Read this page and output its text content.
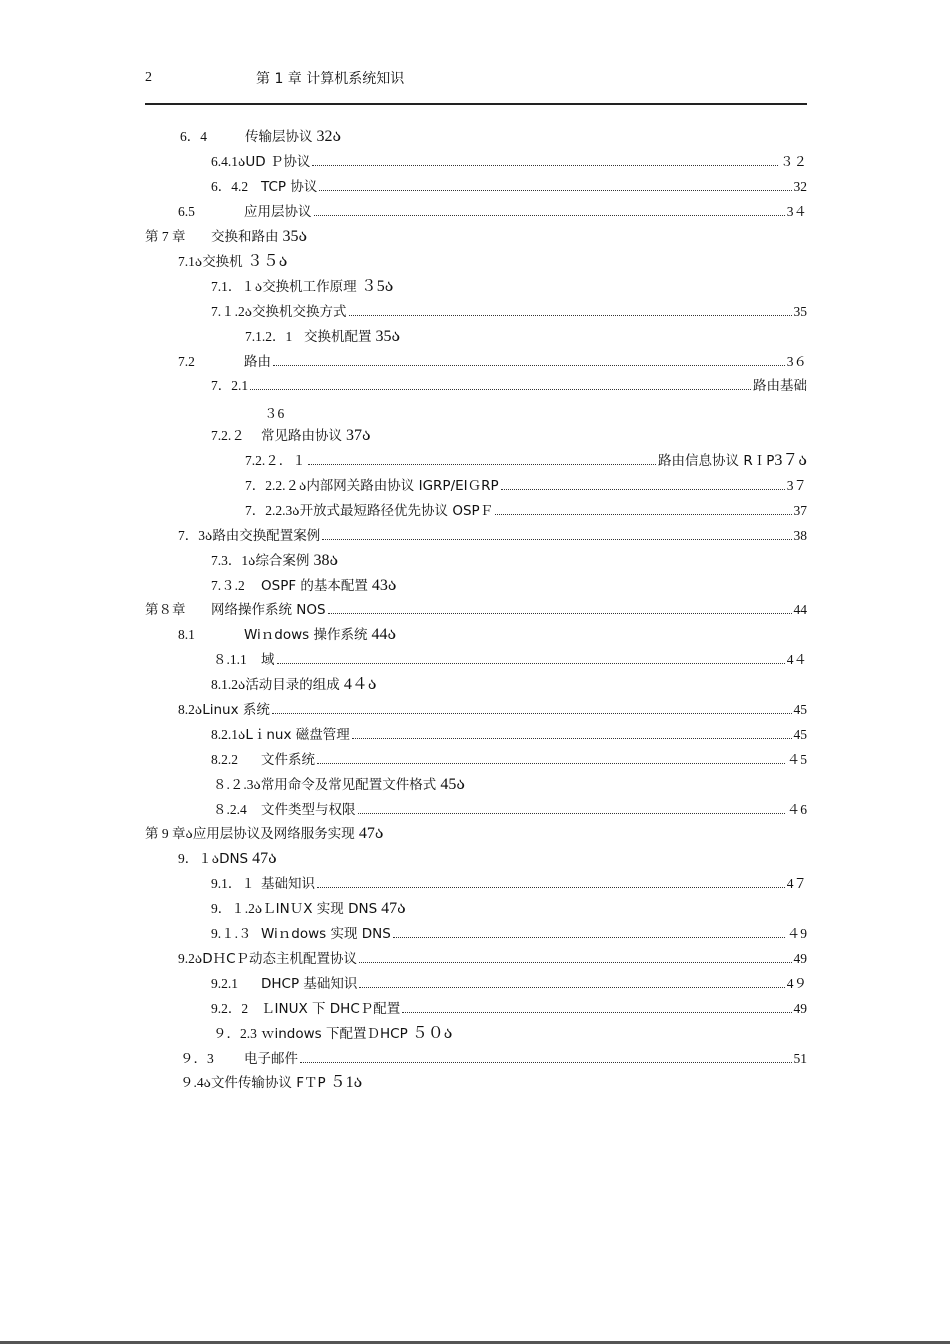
2	第 1 章 计算机系统知识
6．4	传输层协议 32ა
6.4.1ა UD Ｐ协议	３２
6．4.2 TCP 协议	32
6.5	应用层协议	3４
第 7 章	交换和路由 35ა
7.1ა 交换机 ３５ა
7.1．１ა 交换机工作原理 ３5ა
7.１.2ა 交换机交换方式	35
7.1.2．1 交换机配置 35ა
7.2	路由	3６
7．2.1	路由基础
３6
7.2.２	常见路由协议 37ა
7.2.２．１	路由信息协议 RＩP 3７ა
7．2.2.２ა 内部网关路由协议 IGRP/EIＧRP	3７
7．2.2.3ა 开放式最短路径优先协议 OSPＦ	37
7．3ა 路由交换配置案例	38
7.3．1ა 综合案例 38ა
7.３.2	OSPF 的基本配置 43ა
第８章	网络操作系统 NOS	44
8.1	Wiｎdows 操作系统 44ა
８.1.1	域	4４
8.1.2ა 活动目录的组成 4４ა
8.2ა Linux 系统	45
8.2.1ა Lｉnux 磁盘管理	45
8.2.2	文件系统	４5
８.２.3ა 常用命令及常见配置文件格式 45ა
８.2.4	文件类型与权限	４6
第 9 章ა 应用层协议及网络服务实现 47ა
9．１ა DNS 47ა
9.1．１ 基础知识	4７
9．１.2ა ＬINＵX 实现 DNS 47ა
9.１.３ Wiｎdows 实现 DNS	４9
9.2ა DＨCＰ动态主机配置协议	49
9.2.1	DHCP 基础知识	4９
9.2．2 ＬINUX 下 DHCＰ配置	49
９．2.3 ｗindows 下配置ＤHCP ５０ა
９．3	电子邮件	51
９.4ა 文件传输协议 FＴP ５1ა
